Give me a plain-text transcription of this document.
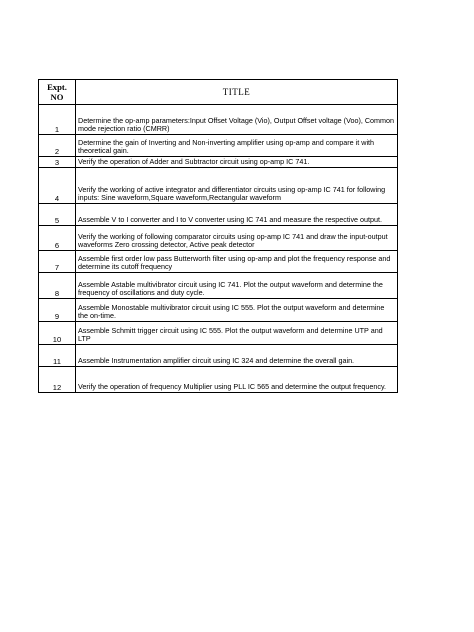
Expt.
NO	TITLE
1	Determine the op-amp parameters:Input Offset Voltage (Vio), Output Offset voltage (Voo), Common mode rejection ratio (CMRR)
2	Determine the gain of Inverting and Non-inverting amplifier using op-amp and compare it with theoretical gain.
3	Verify the operation of Adder and Subtractor circuit using op-amp IC 741.
4	Verify the working of active integrator and differentiator circuits using op-amp IC 741 for following inputs: Sine waveform,Square waveform,Rectangular waveform
5	Assemble V to I converter and I to V converter using IC 741 and measure the respective output.
6	Verify the working of following comparator circuits using op-amp IC 741 and draw the input-output waveforms Zero crossing detector, Active peak detector
7	Assemble first order low pass Butterworth filter using op-amp and plot the frequency response and determine its cutoff frequency
8	Assemble Astable multivibrator circuit using IC 741. Plot the output waveform and determine the frequency of oscillations and duty cycle.
9	Assemble Monostable multivibrator circuit using IC 555. Plot the output waveform and determine the on-time.
10	Assemble Schmitt trigger circuit using IC 555. Plot the output waveform and determine UTP and LTP
11	Assemble Instrumentation amplifier circuit using IC 324 and determine the overall gain.
12	Verify the operation of frequency Multiplier using PLL IC 565 and determine the output frequency.
